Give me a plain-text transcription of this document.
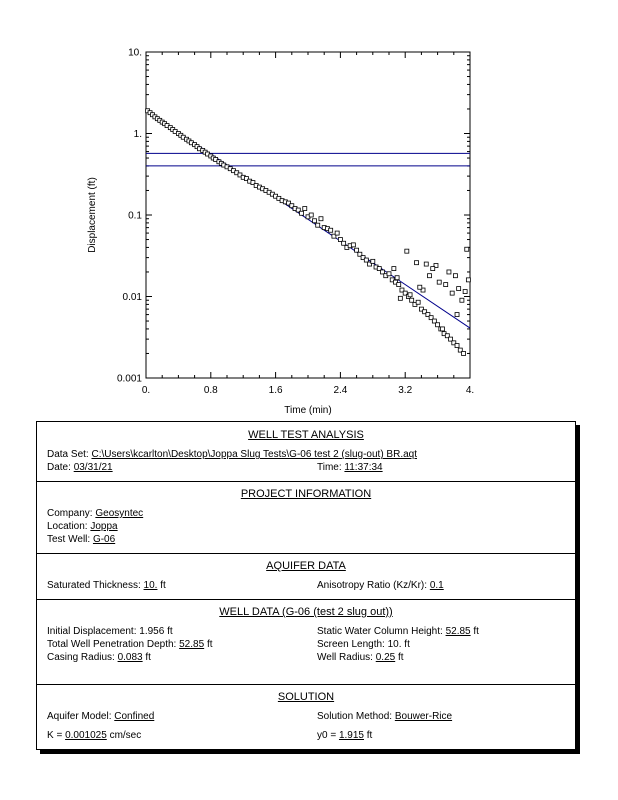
0.001
0.01
0.1
1.
10.
0.	0.8	1.6	2.4	3.2	4.
Time (min)
Displacement (ft)
WELL TEST ANALYSIS
Data Set: C:\Users\kcarlton\Desktop\Joppa Slug Tests\G-06 test 2 (slug-out) BR.aqt
Date: 03/31/21	Time: 11:37:34
PROJECT INFORMATION
Company: Geosyntec
Location: Joppa
Test Well: G-06
AQUIFER DATA
Saturated Thickness: 10. ft	Anisotropy Ratio (Kz/Kr): 0.1
WELL DATA (G-06 (test 2 slug out))
Initial Displacement: 1.956 ft	Static Water Column Height: 52.85 ft
Total Well Penetration Depth: 52.85 ft	Screen Length: 10. ft
Casing Radius: 0.083 ft	Well Radius: 0.25 ft
SOLUTION
Aquifer Model: Confined	Solution Method: Bouwer-Rice
K = 0.001025 cm/sec	y0 = 1.915 ft
